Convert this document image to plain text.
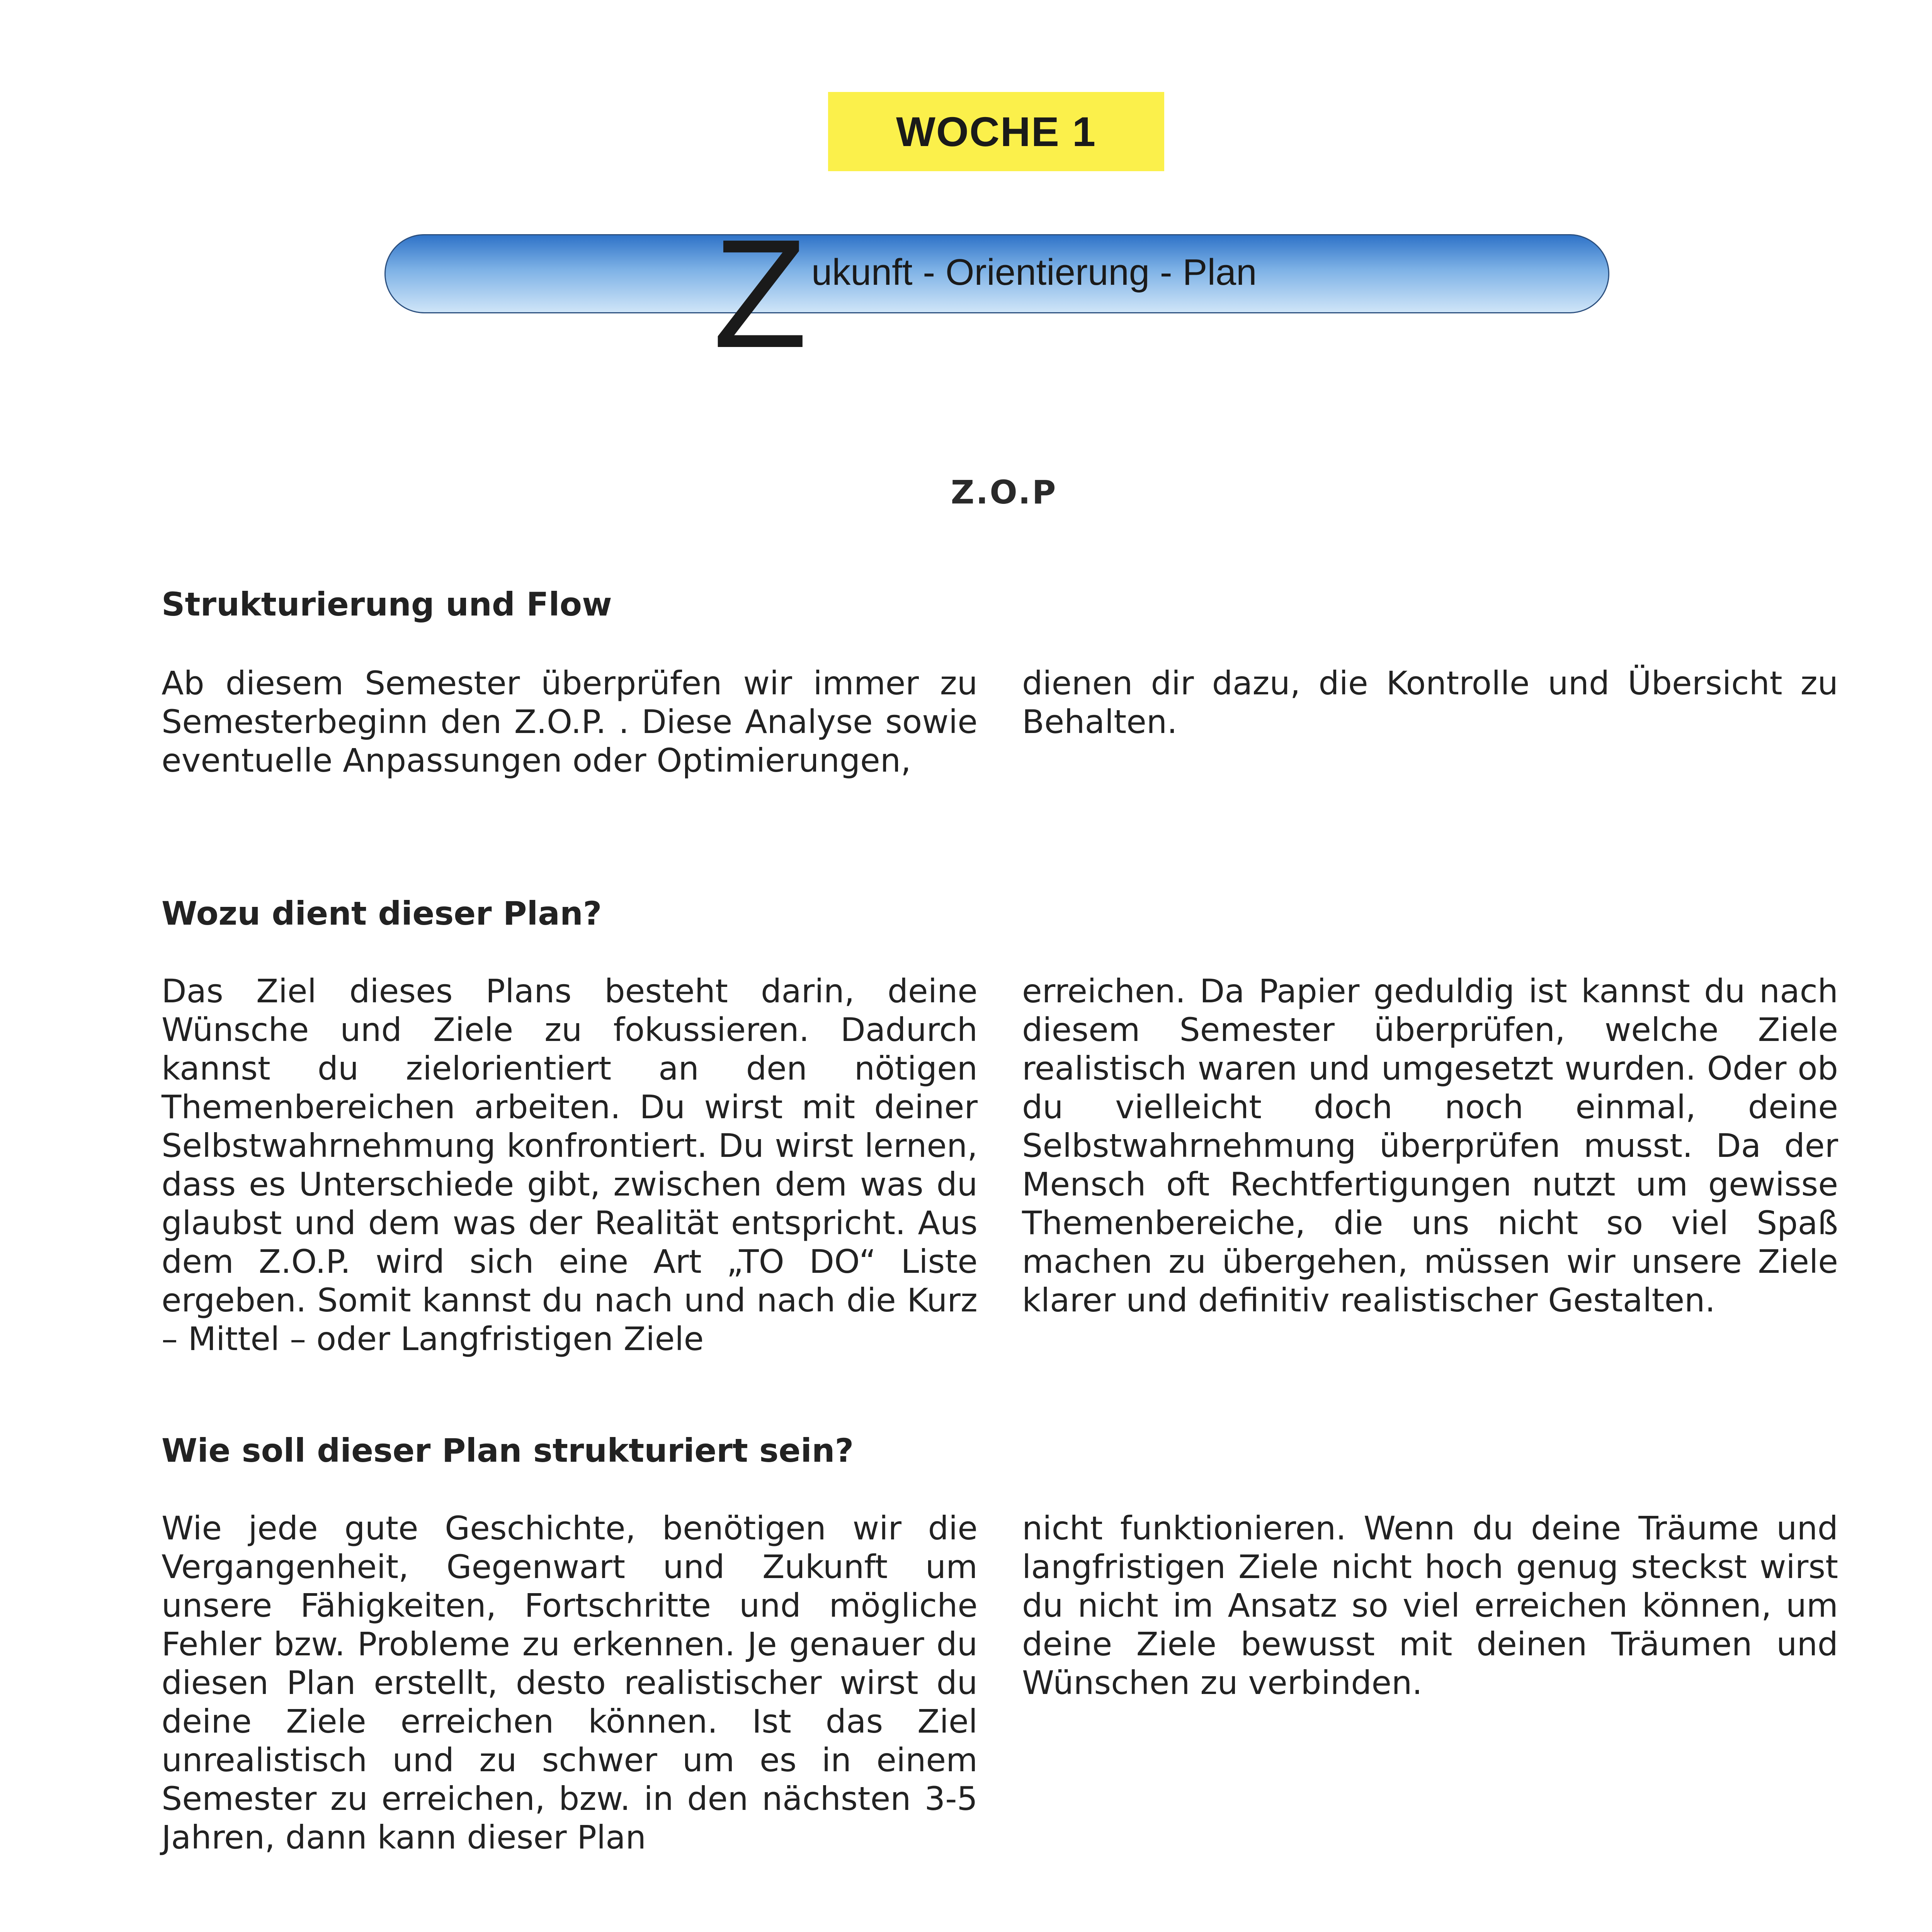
WOCHE 1
Z ukunft - Orientierung - Plan
Z.O.P
Strukturierung und Flow
Ab diesem Semester überprüfen wir immer zu Semesterbeginn den Z.O.P. . Diese Analyse sowie eventuelle Anpassungen oder Optimierungen,
dienen dir dazu, die Kontrolle und Übersicht zu Behalten.
Wozu dient dieser Plan?
Das Ziel dieses Plans besteht darin, deine Wünsche und Ziele zu fokussieren. Dadurch kannst du zielorientiert an den nötigen Themenbereichen arbeiten. Du wirst mit deiner Selbstwahrnehmung konfrontiert. Du wirst lernen, dass es Unterschiede gibt, zwischen dem was du glaubst und dem was der Realität entspricht. Aus dem Z.O.P. wird sich eine Art „TO DO“ Liste ergeben. Somit kannst du nach und nach die Kurz – Mittel – oder Langfristigen Ziele
erreichen. Da Papier geduldig ist kannst du nach diesem Semester überprüfen, welche Ziele realistisch waren und umgesetzt wurden. Oder ob du vielleicht doch noch einmal, deine Selbstwahrnehmung überprüfen musst. Da der Mensch oft Rechtfertigungen nutzt um gewisse Themenbereiche, die uns nicht so viel Spaß machen zu übergehen, müssen wir unsere Ziele klarer und definitiv realistischer Gestalten.
Wie soll dieser Plan strukturiert sein?
Wie jede gute Geschichte, benötigen wir die Vergangenheit, Gegenwart und Zukunft um unsere Fähigkeiten, Fortschritte und mögliche Fehler bzw. Probleme zu erkennen. Je genauer du diesen Plan erstellt, desto realistischer wirst du deine Ziele erreichen können. Ist das Ziel unrealistisch und zu schwer um es in einem Semester zu erreichen, bzw. in den nächsten 3-5 Jahren, dann kann dieser Plan
nicht funktionieren. Wenn du deine Träume und langfristigen Ziele nicht hoch genug steckst wirst du nicht im Ansatz so viel erreichen können, um deine Ziele bewusst mit deinen Träumen und Wünschen zu verbinden.
